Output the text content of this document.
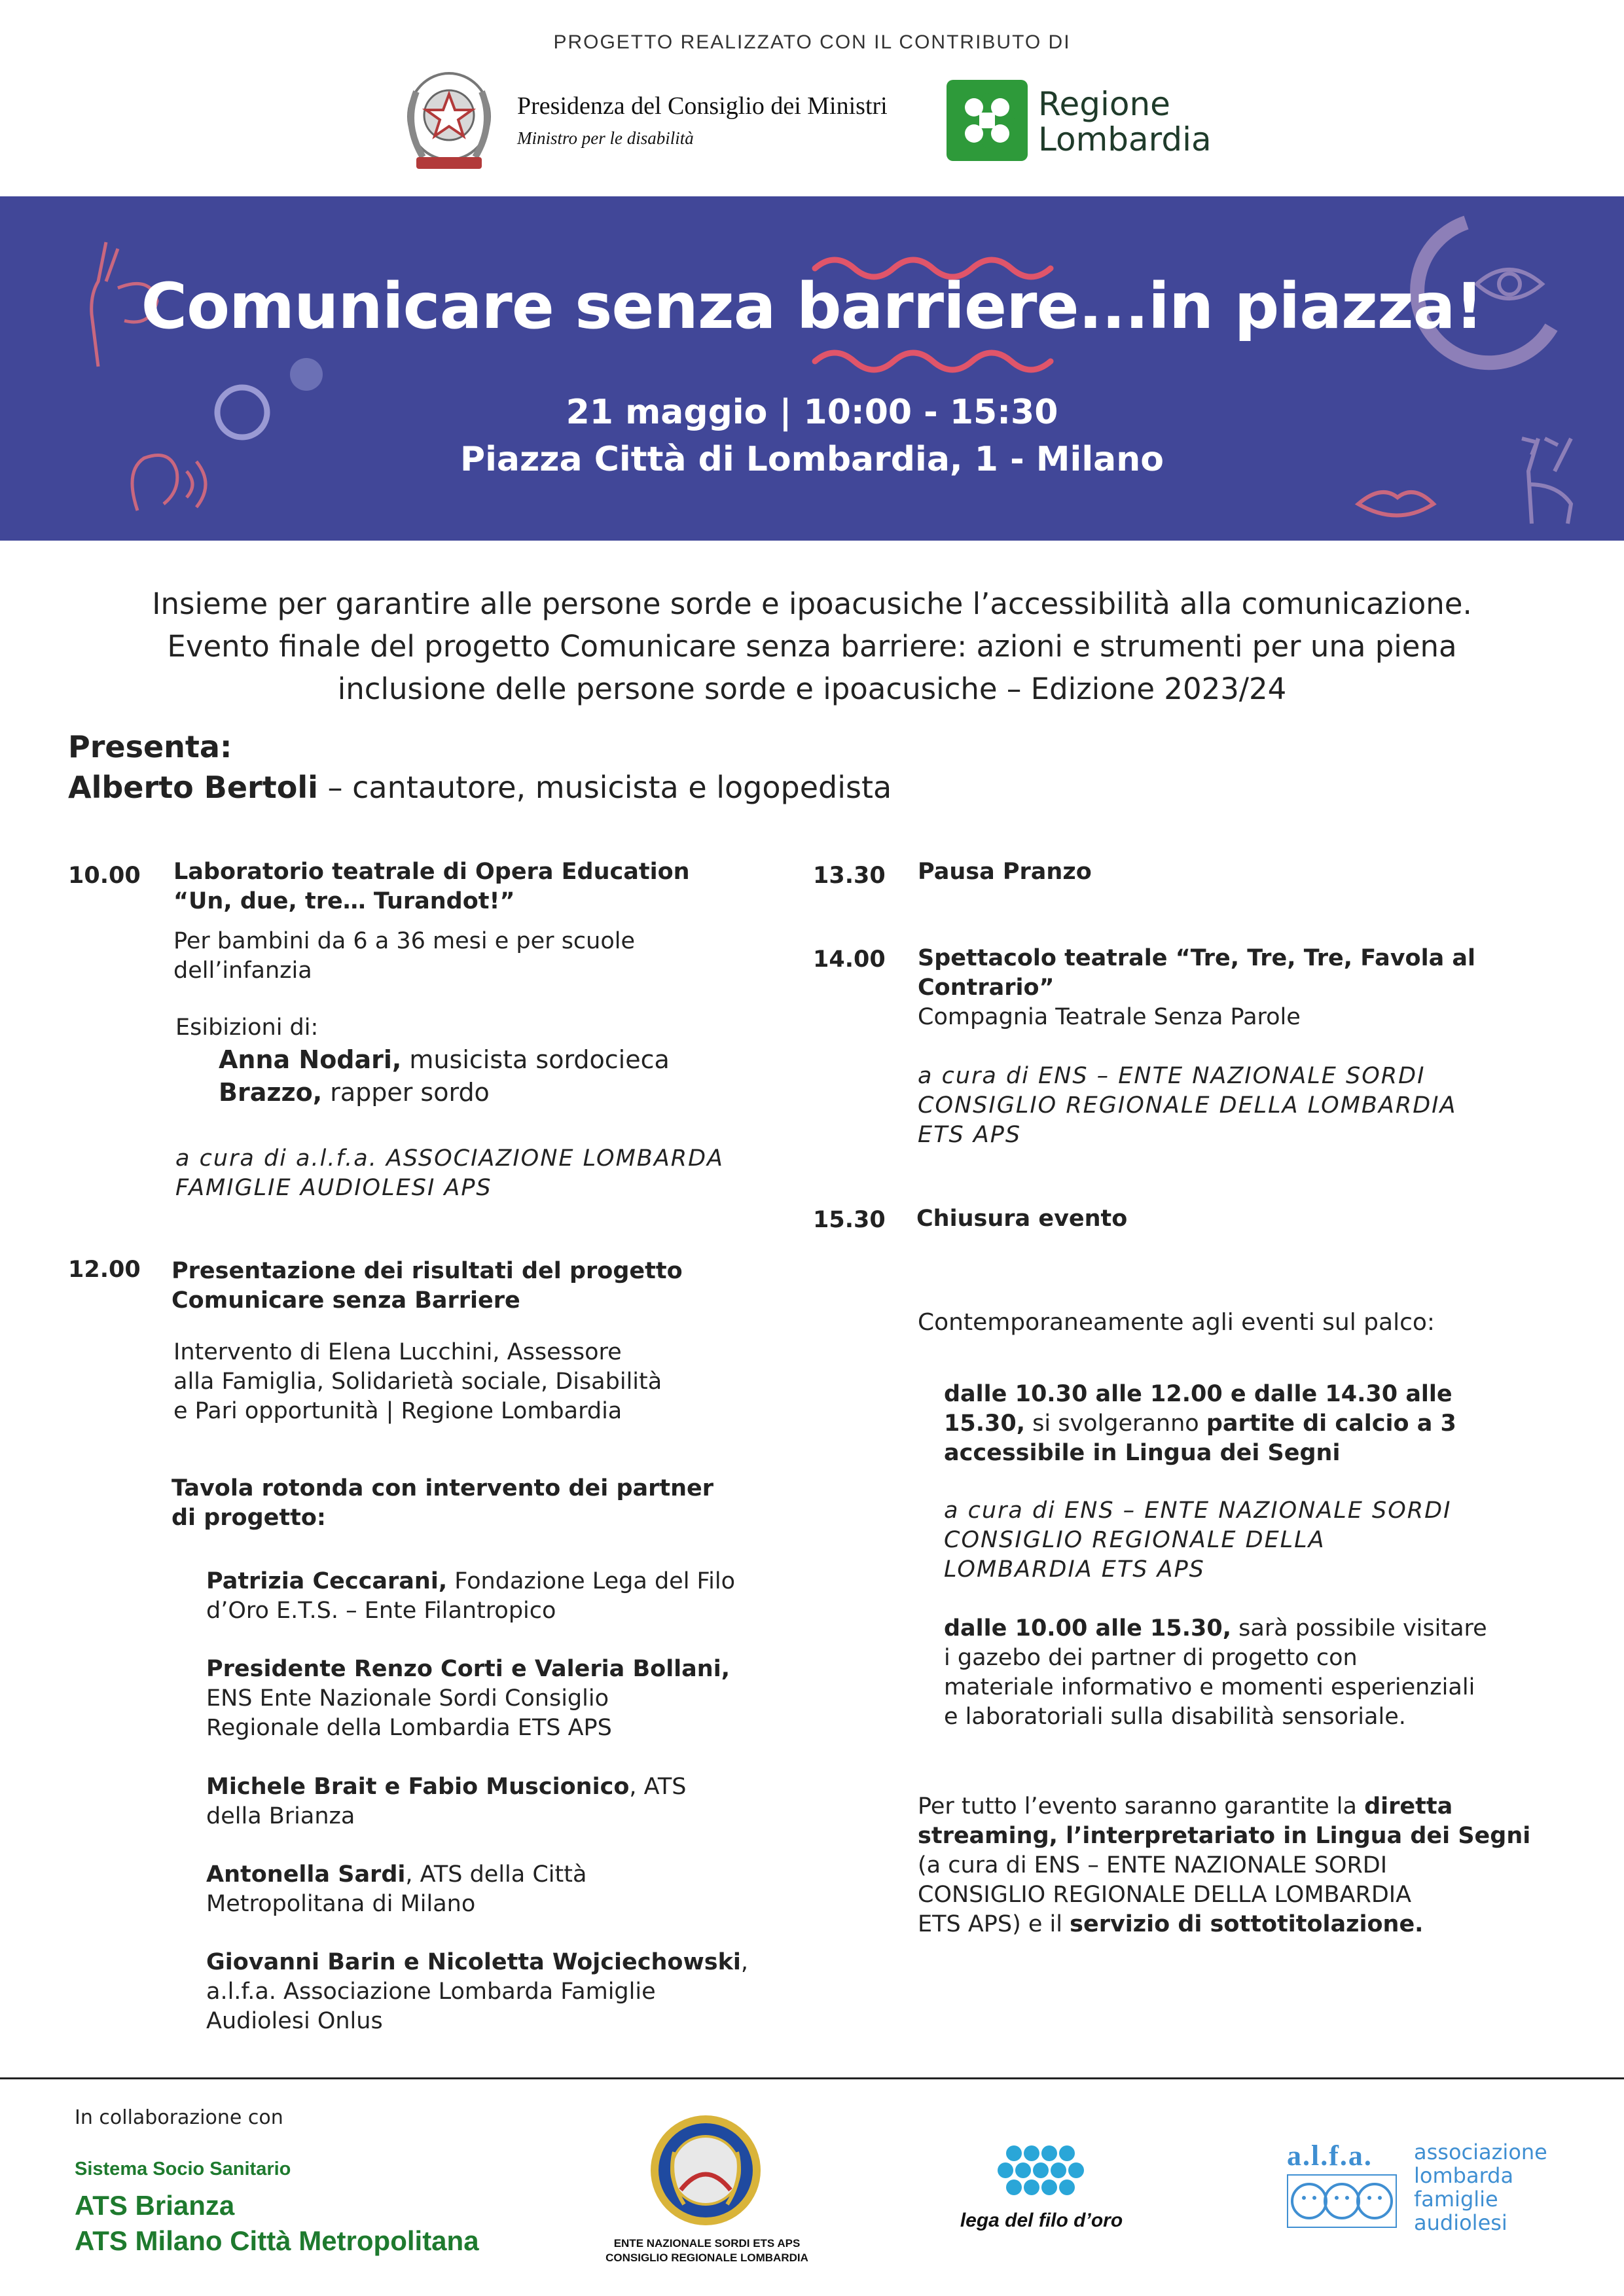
PROGETTO REALIZZATO CON IL CONTRIBUTO DI
Presidenza del Consiglio dei Ministri
Ministro per le disabilità
Regione
Lombardia
Comunicare senza barriere...in piazza!
21 maggio | 10:00 - 15:30
Piazza Città di Lombardia, 1 - Milano
Insieme per garantire alle persone sorde e ipoacusiche l’accessibilità alla comunicazione.
Evento finale del progetto Comunicare senza barriere: azioni e strumenti per una piena
inclusione delle persone sorde e ipoacusiche – Edizione 2023/24
Presenta:
Alberto Bertoli – cantautore, musicista e logopedista
10.00 Laboratorio teatrale di Opera Education
“Un, due, tre… Turandot!”
Per bambini da 6 a 36 mesi e per scuole
dell’infanzia
Esibizioni di:
Anna Nodari, musicista sordocieca
Brazzo, rapper sordo
a cura di a.l.f.a. ASSOCIAZIONE LOMBARDA
FAMIGLIE AUDIOLESI APS
12.00 Presentazione dei risultati del progetto
Comunicare senza Barriere
Intervento di Elena Lucchini, Assessore
alla Famiglia, Solidarietà sociale, Disabilità
e Pari opportunità | Regione Lombardia
Tavola rotonda con intervento dei partner
di progetto:
Patrizia Ceccarani, Fondazione Lega del Filo
d’Oro E.T.S. – Ente Filantropico
Presidente Renzo Corti e Valeria Bollani,
ENS Ente Nazionale Sordi Consiglio
Regionale della Lombardia ETS APS
Michele Brait e Fabio Muscionico, ATS
della Brianza
Antonella Sardi, ATS della Città
Metropolitana di Milano
Giovanni Barin e Nicoletta Wojciechowski,
a.l.f.a. Associazione Lombarda Famiglie
Audiolesi Onlus
13.30 Pausa Pranzo
14.00 Spettacolo teatrale “Tre, Tre, Tre, Favola al
Contrario”
Compagnia Teatrale Senza Parole
a cura di ENS – ENTE NAZIONALE SORDI
CONSIGLIO REGIONALE DELLA LOMBARDIA
ETS APS
15.30 Chiusura evento
Contemporaneamente agli eventi sul palco:
dalle 10.30 alle 12.00 e dalle 14.30 alle
15.30, si svolgeranno partite di calcio a 3
accessibile in Lingua dei Segni
a cura di ENS – ENTE NAZIONALE SORDI
CONSIGLIO REGIONALE DELLA
LOMBARDIA ETS APS
dalle 10.00 alle 15.30, sarà possibile visitare
i gazebo dei partner di progetto con
materiale informativo e momenti esperienziali
e laboratoriali sulla disabilità sensoriale.
Per tutto l’evento saranno garantite la diretta
streaming, l’interpretariato in Lingua dei Segni
(a cura di ENS – ENTE NAZIONALE SORDI
CONSIGLIO REGIONALE DELLA LOMBARDIA
ETS APS) e il servizio di sottotitolazione.
In collaborazione con
Sistema Socio Sanitario
ATS Brianza
ATS Milano Città Metropolitana	ENTE NAZIONALE SORDI ETS APS
CONSIGLIO REGIONALE LOMBARDIA
lega del filo d’oro
a.l.f.a. associazione
lombarda
famiglie
audiolesi
